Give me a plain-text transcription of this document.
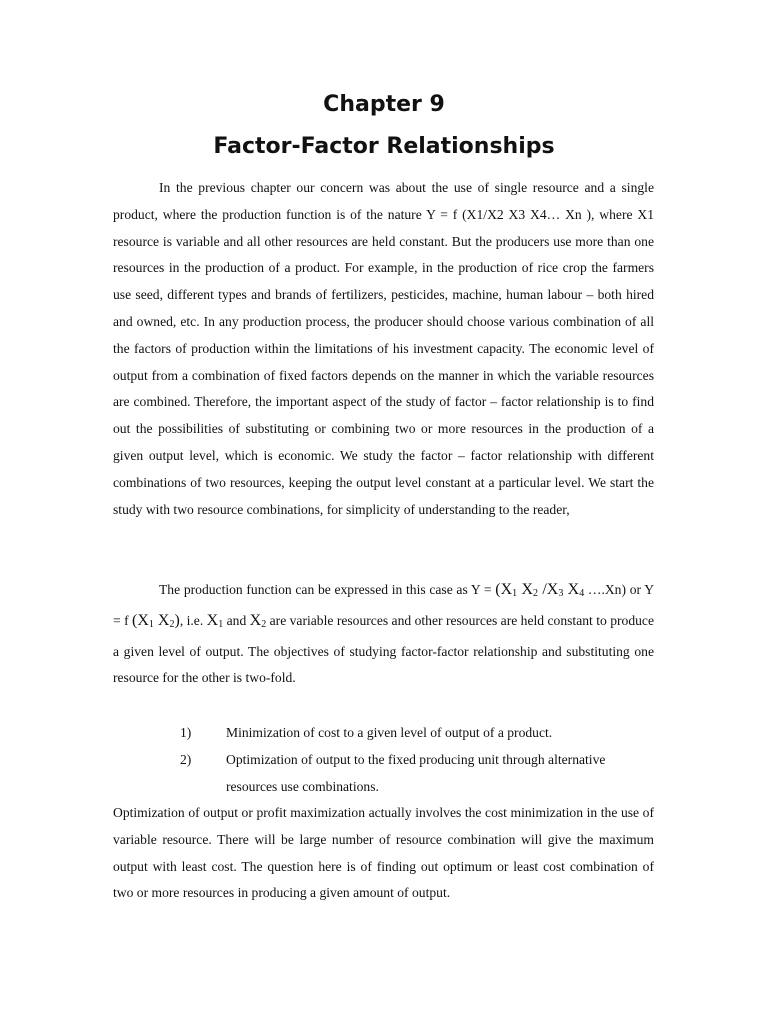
Chapter 9
Factor-Factor Relationships

In the previous chapter our concern was about the use of single resource and a single product, where the production function is of the nature Y = f (X1/X2 X3 X4… Xn ), where X1 resource is variable and all other resources are held constant. But the producers use more than one resources in the production of a product. For example, in the production of rice crop the farmers use seed, different types and brands of fertilizers, pesticides, machine, human labour – both hired and owned, etc. In any production process, the producer should choose various combination of all the factors of production within the limitations of his investment capacity. The economic level of output from a combination of fixed factors depends on the manner in which the variable resources are combined. Therefore, the important aspect of the study of factor – factor relationship is to find out the possibilities of substituting or combining two or more resources in the production of a given output level, which is economic. We study the factor – factor relationship with different combinations of two resources, keeping the output level constant at a particular level. We start the study with two resource combinations, for simplicity of understanding to the reader,

The production function can be expressed in this case as Y = (X1 X2 /X3 X4 ….Xn) or Y = f (X1 X2), i.e. X1 and X2 are variable resources and other resources are held constant to produce a given level of output. The objectives of studying factor-factor relationship and substituting one resource for the other is two-fold.

1)	Minimization of cost to a given level of output of a product.
2)	Optimization of output to the fixed producing unit through alternative resources use combinations.

Optimization of output or profit maximization actually involves the cost minimization in the use of variable resource. There will be large number of resource combination will give the maximum output with least cost. The question here is of finding out optimum or least cost combination of two or more resources in producing a given amount of output.
